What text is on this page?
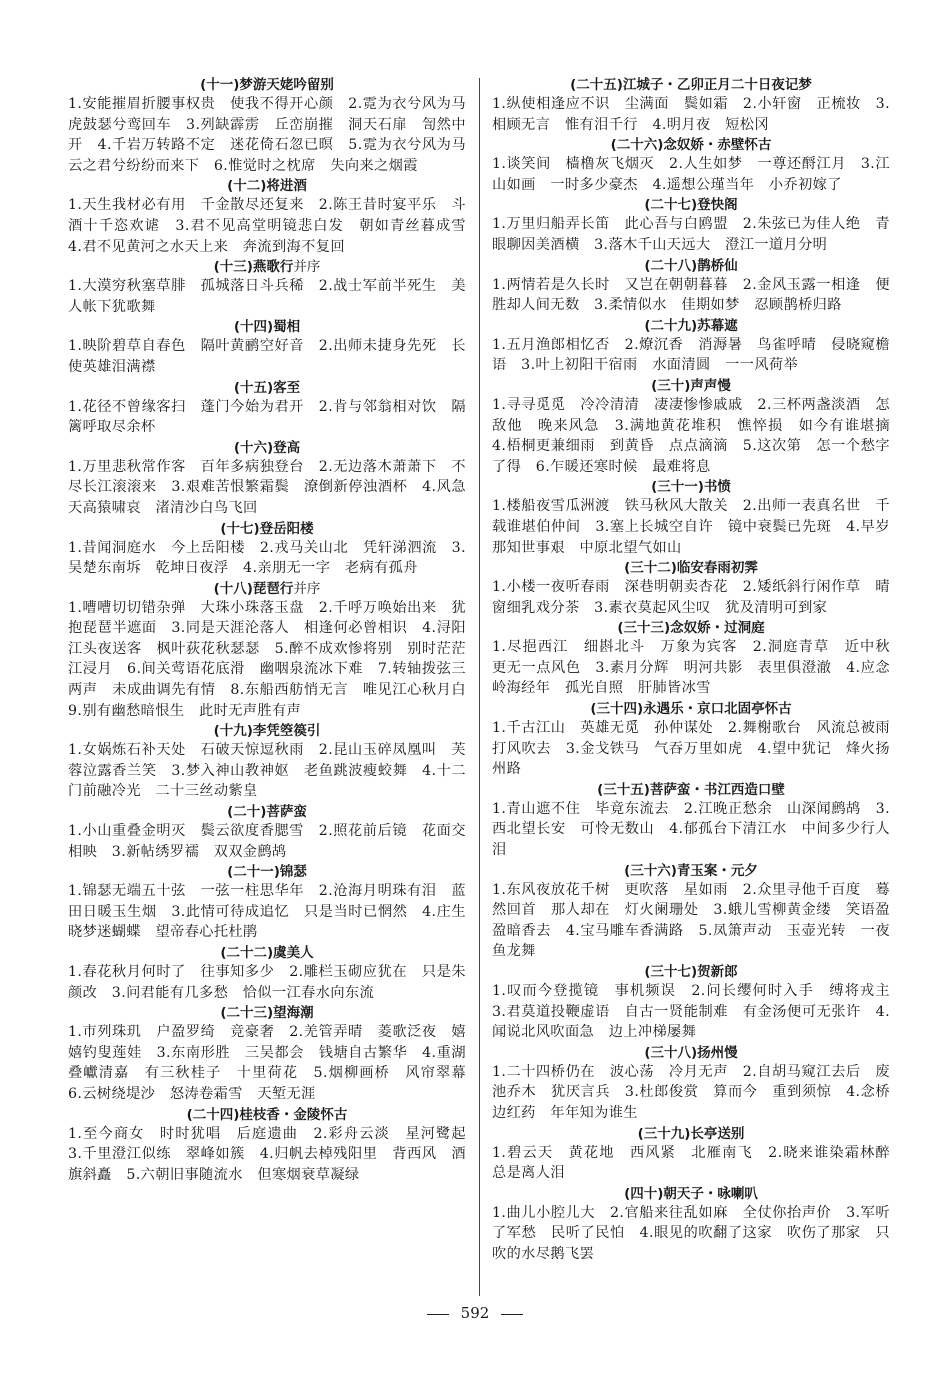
(十一)梦游天姥吟留别
1.安能摧眉折腰事权贵　使我不得开心颜　2.霓为衣兮风为马　虎鼓瑟兮鸾回车　3.列缺霹雳　丘峦崩摧　洞天石扉　訇然中开　4.千岩万转路不定　迷花倚石忽已暝　5.霓为衣兮风为马　云之君兮纷纷而来下　6.惟觉时之枕席　失向来之烟霞
(十二)将进酒
1.天生我材必有用　千金散尽还复来　2.陈王昔时宴平乐　斗酒十千恣欢谑　3.君不见高堂明镜悲白发　朝如青丝暮成雪　4.君不见黄河之水天上来　奔流到海不复回
(十三)燕歌行并序
1.大漠穷秋塞草腓　孤城落日斗兵稀　2.战士军前半死生　美人帐下犹歌舞
(十四)蜀相
1.映阶碧草自春色　隔叶黄鹂空好音　2.出师未捷身先死　长使英雄泪满襟
(十五)客至
1.花径不曾缘客扫　蓬门今始为君开　2.肯与邻翁相对饮　隔篱呼取尽余杯
(十六)登高
1.万里悲秋常作客　百年多病独登台　2.无边落木萧萧下　不尽长江滚滚来　3.艰难苦恨繁霜鬓　潦倒新停浊酒杯　4.风急天高猿啸哀　渚清沙白鸟飞回
(十七)登岳阳楼
1.昔闻洞庭水　今上岳阳楼　2.戎马关山北　凭轩涕泗流　3.吴楚东南坼　乾坤日夜浮　4.亲朋无一字　老病有孤舟
(十八)琵琶行并序
1.嘈嘈切切错杂弹　大珠小珠落玉盘　2.千呼万唤始出来　犹抱琵琶半遮面　3.同是天涯沦落人　相逢何必曾相识　4.浔阳江头夜送客　枫叶荻花秋瑟瑟　5.醉不成欢惨将别　别时茫茫江浸月　6.间关莺语花底滑　幽咽泉流冰下难　7.转轴拨弦三两声　未成曲调先有情　8.东船西舫悄无言　唯见江心秋月白　9.别有幽愁暗恨生　此时无声胜有声
(十九)李凭箜篌引
1.女娲炼石补天处　石破天惊逗秋雨　2.昆山玉碎凤凰叫　芙蓉泣露香兰笑　3.梦入神山教神妪　老鱼跳波瘦蛟舞　4.十二门前融冷光　二十三丝动紫皇
(二十)菩萨蛮
1.小山重叠金明灭　鬓云欲度香腮雪　2.照花前后镜　花面交相映　3.新帖绣罗襦　双双金鹧鸪
(二十一)锦瑟
1.锦瑟无端五十弦　一弦一柱思华年　2.沧海月明珠有泪　蓝田日暖玉生烟　3.此情可待成追忆　只是当时已惘然　4.庄生晓梦迷蝴蝶　望帝春心托杜鹃
(二十二)虞美人
1.春花秋月何时了　往事知多少　2.雕栏玉砌应犹在　只是朱颜改　3.问君能有几多愁　恰似一江春水向东流
(二十三)望海潮
1.市列珠玑　户盈罗绮　竞豪奢　2.羌管弄晴　菱歌泛夜　嬉嬉钓叟莲娃　3.东南形胜　三吴都会　钱塘自古繁华　4.重湖叠巘清嘉　有三秋桂子　十里荷花　5.烟柳画桥　风帘翠幕　6.云树绕堤沙　怒涛卷霜雪　天堑无涯
(二十四)桂枝香・金陵怀古
1.至今商女　时时犹唱　后庭遗曲　2.彩舟云淡　星河鹭起　3.千里澄江似练　翠峰如簇　4.归帆去棹残阳里　背西风　酒旗斜矗　5.六朝旧事随流水　但寒烟衰草凝绿
(二十五)江城子・乙卯正月二十日夜记梦
1.纵使相逢应不识　尘满面　鬓如霜　2.小轩窗　正梳妆　3.相顾无言　惟有泪千行　4.明月夜　短松冈
(二十六)念奴娇・赤壁怀古
1.谈笑间　樯橹灰飞烟灭　2.人生如梦　一尊还酹江月　3.江山如画　一时多少豪杰　4.遥想公瑾当年　小乔初嫁了
(二十七)登快阁
1.万里归船弄长笛　此心吾与白鸥盟　2.朱弦已为佳人绝　青眼聊因美酒横　3.落木千山天远大　澄江一道月分明
(二十八)鹊桥仙
1.两情若是久长时　又岂在朝朝暮暮　2.金风玉露一相逢　便胜却人间无数　3.柔情似水　佳期如梦　忍顾鹊桥归路
(二十九)苏幕遮
1.五月渔郎相忆否　2.燎沉香　消溽暑　鸟雀呼晴　侵晓窥檐语　3.叶上初阳干宿雨　水面清圆　一一风荷举
(三十)声声慢
1.寻寻觅觅　冷冷清清　凄凄惨惨戚戚　2.三杯两盏淡酒　怎敌他　晚来风急　3.满地黄花堆积　憔悴损　如今有谁堪摘　4.梧桐更兼细雨　到黄昏　点点滴滴　5.这次第　怎一个愁字了得　6.乍暖还寒时候　最难将息
(三十一)书愤
1.楼船夜雪瓜洲渡　铁马秋风大散关　2.出师一表真名世　千载谁堪伯仲间　3.塞上长城空自许　镜中衰鬓已先斑　4.早岁那知世事艰　中原北望气如山
(三十二)临安春雨初霁
1.小楼一夜听春雨　深巷明朝卖杏花　2.矮纸斜行闲作草　晴窗细乳戏分茶　3.素衣莫起风尘叹　犹及清明可到家
(三十三)念奴娇・过洞庭
1.尽挹西江　细斟北斗　万象为宾客　2.洞庭青草　近中秋　更无一点风色　3.素月分辉　明河共影　表里俱澄澈　4.应念岭海经年　孤光自照　肝肺皆冰雪
(三十四)永遇乐・京口北固亭怀古
1.千古江山　英雄无觅　孙仲谋处　2.舞榭歌台　风流总被雨打风吹去　3.金戈铁马　气吞万里如虎　4.望中犹记　烽火扬州路
(三十五)菩萨蛮・书江西造口壁
1.青山遮不住　毕竟东流去　2.江晚正愁余　山深闻鹧鸪　3.西北望长安　可怜无数山　4.郁孤台下清江水　中间多少行人泪
(三十六)青玉案・元夕
1.东风夜放花千树　更吹落　星如雨　2.众里寻他千百度　蓦然回首　那人却在　灯火阑珊处　3.蛾儿雪柳黄金缕　笑语盈盈暗香去　4.宝马雕车香满路　5.凤箫声动　玉壶光转　一夜鱼龙舞
(三十七)贺新郎
1.叹而今登揽镜　事机频误　2.问长缨何时入手　缚将戎主　3.君莫道投鞭虚语　自古一贤能制难　有金汤便可无张许　4.闻说北风吹面急　边上冲梯屡舞
(三十八)扬州慢
1.二十四桥仍在　波心荡　冷月无声　2.自胡马窥江去后　废池乔木　犹厌言兵　3.杜郎俊赏　算而今　重到须惊　4.念桥边红药　年年知为谁生
(三十九)长亭送别
1.碧云天　黄花地　西风紧　北雁南飞　2.晓来谁染霜林醉　总是离人泪
(四十)朝天子・咏喇叭
1.曲儿小腔儿大　2.官船来往乱如麻　全仗你抬声价　3.军听了军愁　民听了民怕　4.眼见的吹翻了这家　吹伤了那家　只吹的水尽鹅飞罢
592
